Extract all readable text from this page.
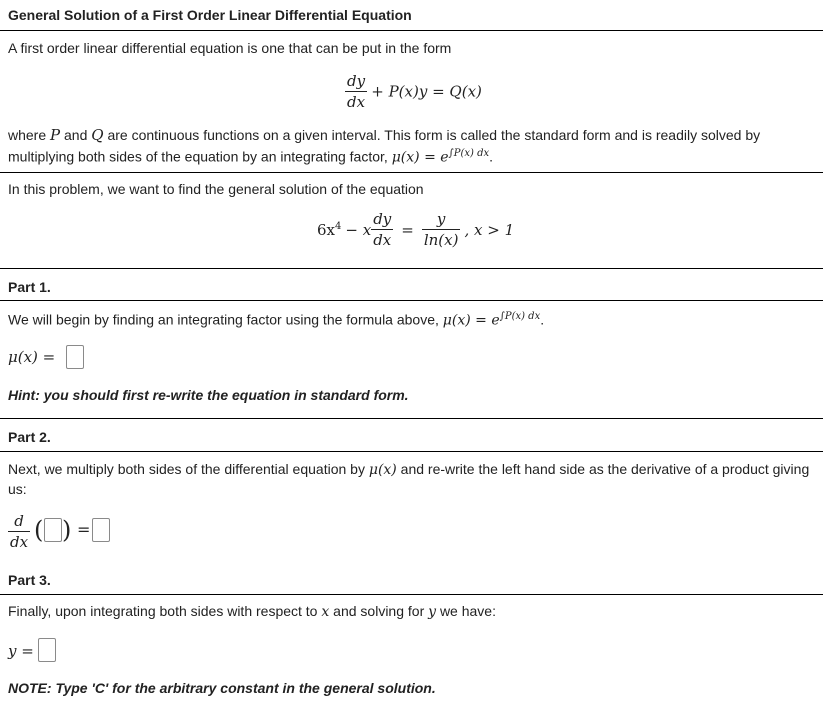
General Solution of a First Order Linear Differential Equation
A first order linear differential equation is one that can be put in the form
$\frac{dy}{dx} + P(x)y = Q(x)$
where P and Q are continuous functions on a given interval. This form is called the standard form and is readily solved by
multiplying both sides of the equation by an integrating factor, $\mu(x) = e^{\int P(x) dx}$.
In this problem, we want to find the general solution of the equation
$6x^4 - x \frac{dy}{dx} = \frac{y}{\ln(x)}$ , x > 1
Part 1.
We will begin by finding an integrating factor using the formula above, $\mu(x) = e^{\int P(x) dx}$.
μ(x) =
Hint: you should first re-write the equation in standard form.
Part 2.
Next, we multiply both sides of the differential equation by μ(x) and re-write the left hand side as the derivative of a product giving
us:
$\frac{d}{dx}$ ( ) =
Part 3.
Finally, upon integrating both sides with respect to x and solving for y we have:
y =
NOTE: Type 'C' for the arbitrary constant in the general solution.
